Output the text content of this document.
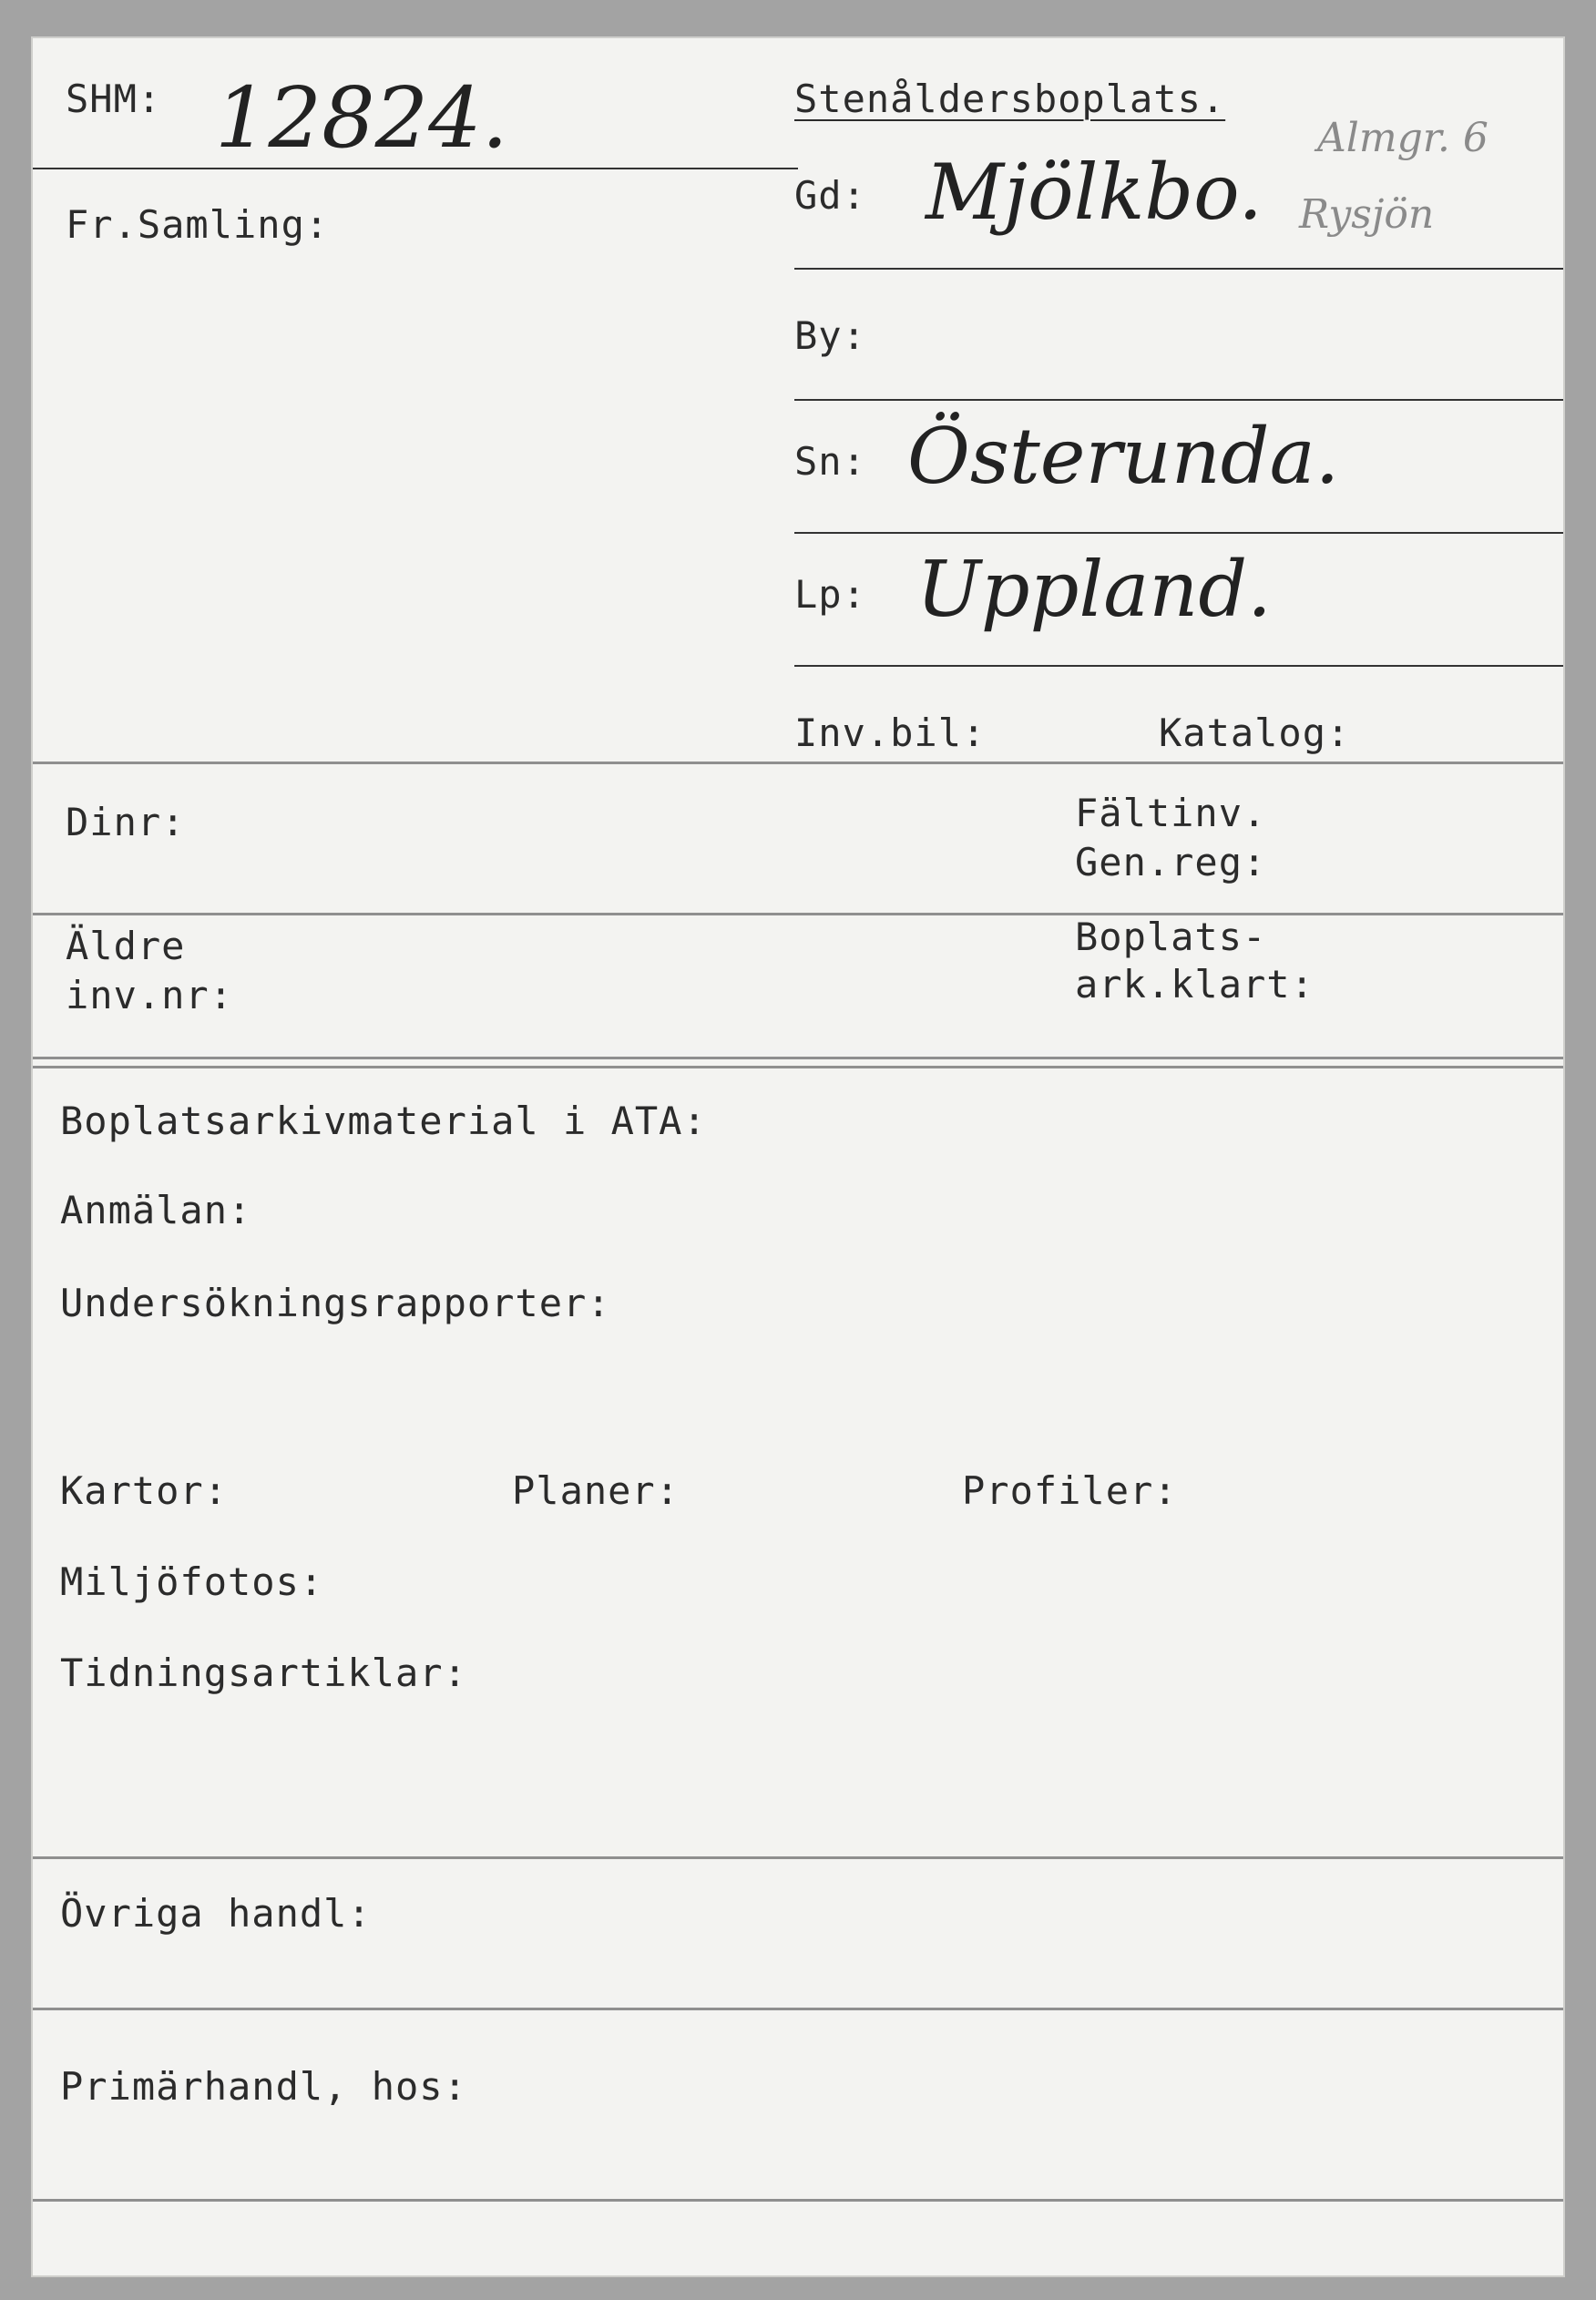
SHM: 12824.	Stenåldersboplats.
Almgr. 6
Rysjön
Fr.Samling:
Gd: Mjölkbo.
By:
Sn: Österunda.
Lp: Uppland.
Inv.bil:	Katalog:
Dinr:	Fältinv.
Gen.reg:
Äldre
inv.nr:
Boplats-
ark.klart:
Boplatsarkivmaterial i ATA:
Anmälan:
Undersökningsrapporter:
Kartor:	Planer:	Profiler:
Miljöfotos:
Tidningsartiklar:
Övriga handl:
Primärhandl, hos:
